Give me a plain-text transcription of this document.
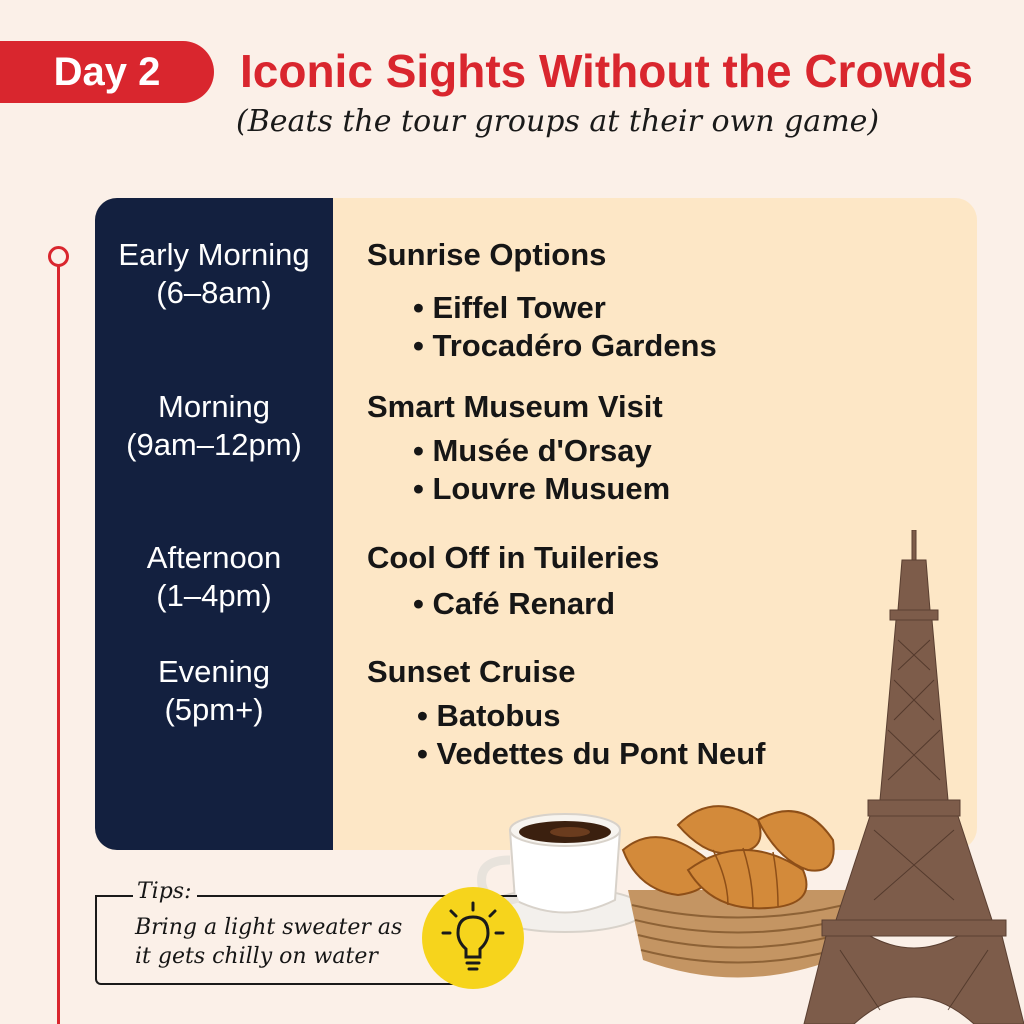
Day 2 Iconic Sights Without the Crowds
(Beats the tour groups at their own game)
Early Morning
(6–8am)
Sunrise Options
• Eiffel Tower
• Trocadéro Gardens
Morning
(9am–12pm)
Smart Museum Visit
• Musée d'Orsay
• Louvre Musuem
Afternoon
(1–4pm)
Cool Off in Tuileries
• Café Renard
Evening
(5pm+)
Sunset Cruise
• Batobus
• Vedettes du Pont Neuf
Tips:
Bring a light sweater as
it gets chilly on water
